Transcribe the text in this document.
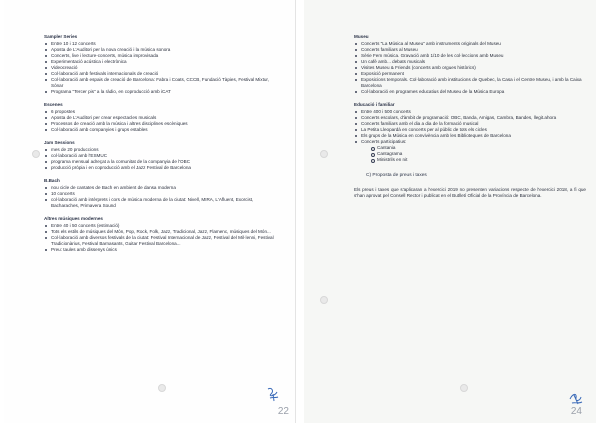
Sampler Series
Entre 10 i 12 concerts
Aposta de L'Auditori per la nova creació i la música sonora
Concerts, live i lecture-concerts, música improvisada
Experimentació acústica i electrònica
Videocreació
Col·laboració amb festivals internacionals de creació
Col·laboració amb espais de creació de Barcelona: Fabra i Coats, CCCB, Fundació Tàpies, Festival Mixtur, Sónar
Programa "Tercer pis" a la ràdio, en coproducció amb iCAT
Escenes
6 propostes
Aposta de L'Auditori per crear espectacles musicals
Processos de creació amb la música i altres disciplines escèniques
Col·laboració amb companyies i grups estables
Jam Sessions
mes de 20 produccions
col·laboració amb l'ESMUC
programa mensual adreçat a la comunitat de la companyia de l'OBC
producció pròpia i en coproducció amb el Jazz Festival de Barcelona
B.Bach
nou cicle de cantates de Bach en ambient de dansa moderna
10 concerts
col·laboració amb intèrprets i cors de música moderna de la ciutat: Nivell, MIRA, L'Afluent, Exorcist, Bacharaches, Primavera Sound
Altres músiques modernes
Entre 40 i 50 concerts (estimació)
Tots els estils de músiques del Món, Pop, Rock, Folk, Jazz, Tradicional, Jazz, Flamenc, músiques del Món...
Col·laboració amb diversos festivals de la ciutat: Festival Internacional de Jazz, Festival del Mil·lenni, Festival Tradicionàrius, Festival Barnasants, Guitar Festival Barcelona...
Preu: taules amb dissenys únics
22
Museu
Concerts "La Música al Museu" amb instruments originals del Museu
Concerts familiars al Museu
Sèrie Fem música. Gravació amb 1/10 de les col·leccions amb Museu
Un cafè amb... debats musicals
Visites Museu & Friends (concerts amb orgues històrics)
Exposició permanent
Exposicions temporals. Col·laboració amb institucions de Quebec, la Casa i el Centre Museu, i amb la Caixa Barcelona
Col·laboració en programes educatius del Museu de la Música Europa
Educació i familiar
Entre 400 i 500 concerts
Concerts escolars, d'àmbit de programació: OBC, Banda, Amigas, Cambra, Bandes, llegit.ahora
Concerts familiars amb el dia a dia de la formació musical
La Petita Lleopardà en concerts per al públic de tots els cicles
Els grups de la Música en convivència amb les Biblioteques de Barcelona
Concerts participatius:
Cantania
Cantagrama
Ministrils en nit
C) Proposta de preus i taxes
Els preus i taxes que s'aplicaran a l'exercici 2019 no presenten variacions respecte de l'exercici 2018, a fi que s'han aprovat pel Consell Rector i publicat en el Butlletí Oficial de la Província de Barcelona.
24
